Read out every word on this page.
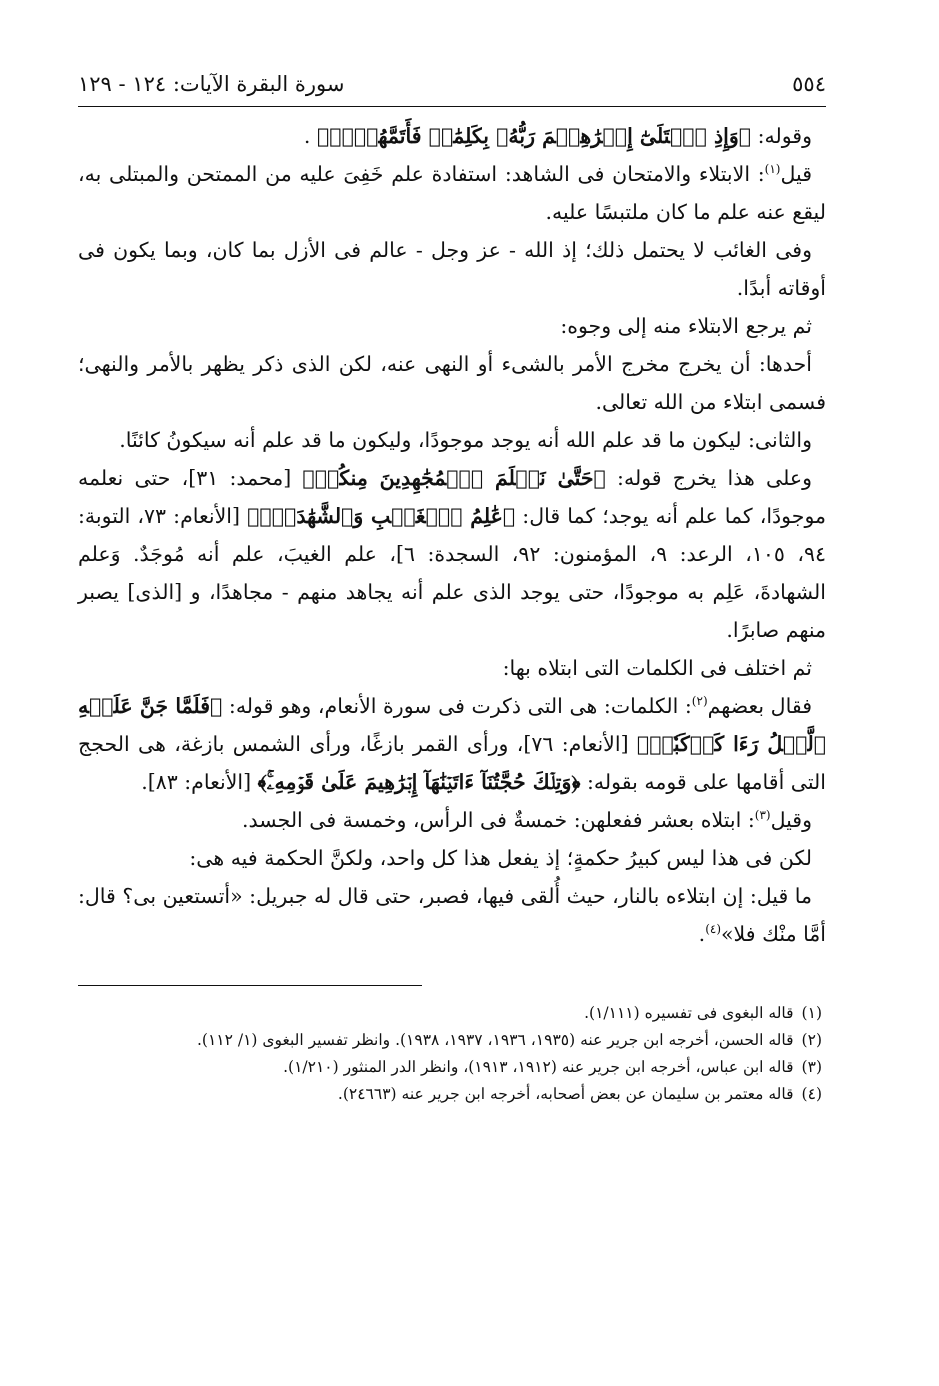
٥٥٤
سورة البقرة الآيات: ١٢٤ - ١٢٩

وقوله: ﴿وَإِذِ ٱبۡتَلَىٰٓ إِبۡرَٰهِـۧمَ رَبُّهُۥ بِكَلِمَٰتٖ فَأَتَمَّهُنَّۖ﴾ .

قيل$^{(١)}$: الابتلاء والامتحان فى الشاهد: استفادة علم خَفِىَ عليه من الممتحن والمبتلى به، ليقع عنه علم ما كان ملتبسًا عليه.

وفى الغائب لا يحتمل ذلك؛ إذ الله - عز وجل - عالم فى الأزل بما كان، وبما يكون فى أوقاته أبدًا.

ثم يرجع الابتلاء منه إلى وجوه:

أحدها: أن يخرج مخرج الأمر بالشىء أو النهى عنه، لكن الذى ذكر يظهر بالأمر والنهى؛ فسمى ابتلاء من الله تعالى.

والثانى: ليكون ما قد علم الله أنه يوجد موجودًا، وليكون ما قد علم أنه سيكونُ كائنًا.

وعلى هذا يخرج قوله: ﴿حَتَّىٰ نَعۡلَمَ ٱلۡمُجَٰهِدِينَ مِنكُمۡ﴾ [محمد: ٣١]، حتى نعلمه موجودًا، كما علم أنه يوجد؛ كما قال: ﴿عَٰلِمُ ٱلۡغَيۡبِ وَٱلشَّهَٰدَةِۚ﴾ [الأنعام: ٧٣، التوبة: ٩٤، ١٠٥، الرعد: ٩، المؤمنون: ٩٢، السجدة: ٦]، علم الغيبَ، علم أنه مُوجَدٌ. وَعلم الشهادةَ، عَلِم به موجودًا، حتى يوجد الذى علم أنه يجاهد منهم - مجاهدًا، و [الذى] يصبر منهم صابرًا.

ثم اختلف فى الكلمات التى ابتلاه بها:

فقال بعضهم$^{(٢)}$: الكلمات: هى التى ذكرت فى سورة الأنعام، وهو قوله: ﴿فَلَمَّا جَنَّ عَلَيۡهِ ٱلَّيۡلُ رَءَا كَوۡكَبٗاۖ﴾ [الأنعام: ٧٦]، ورأى القمر بازغًا، ورأى الشمس بازغة، هى الحجج التى أقامها على قومه بقوله: ﴿وَتِلۡكَ حُجَّتُنَآ ءَاتَيۡنَٰهَآ إِبۡرَٰهِيمَ عَلَىٰ قَوۡمِهِۦۚ﴾ [الأنعام: ٨٣].

وقيل$^{(٣)}$: ابتلاه بعشر ففعلهن: خمسةٌ فى الرأس، وخمسة فى الجسد.

لكن فى هذا ليس كبيرُ حكمةٍ؛ إذ يفعل هذا كل واحد، ولكنَّ الحكمة فيه هى:

ما قيل: إن ابتلاءه بالنار، حيث أُلقى فيها، فصبر، حتى قال له جبريل: «أتستعين بى؟ قال: أمَّا منْك فلا»$^{(٤)}$.

(١)قاله البغوى فى تفسيره (١/١١١).

(٢)قاله الحسن، أخرجه ابن جرير عنه (١٩٣٥، ١٩٣٦، ١٩٣٧، ١٩٣٨). وانظر تفسير البغوى (١/ ١١٢).

(٣)قاله ابن عباس، أخرجه ابن جرير عنه (١٩١٢، ١٩١٣)، وانظر الدر المنثور (١/٢١٠).

(٤)قاله معتمر بن سليمان عن بعض أصحابه، أخرجه ابن جرير عنه (٢٤٦٦٣).
